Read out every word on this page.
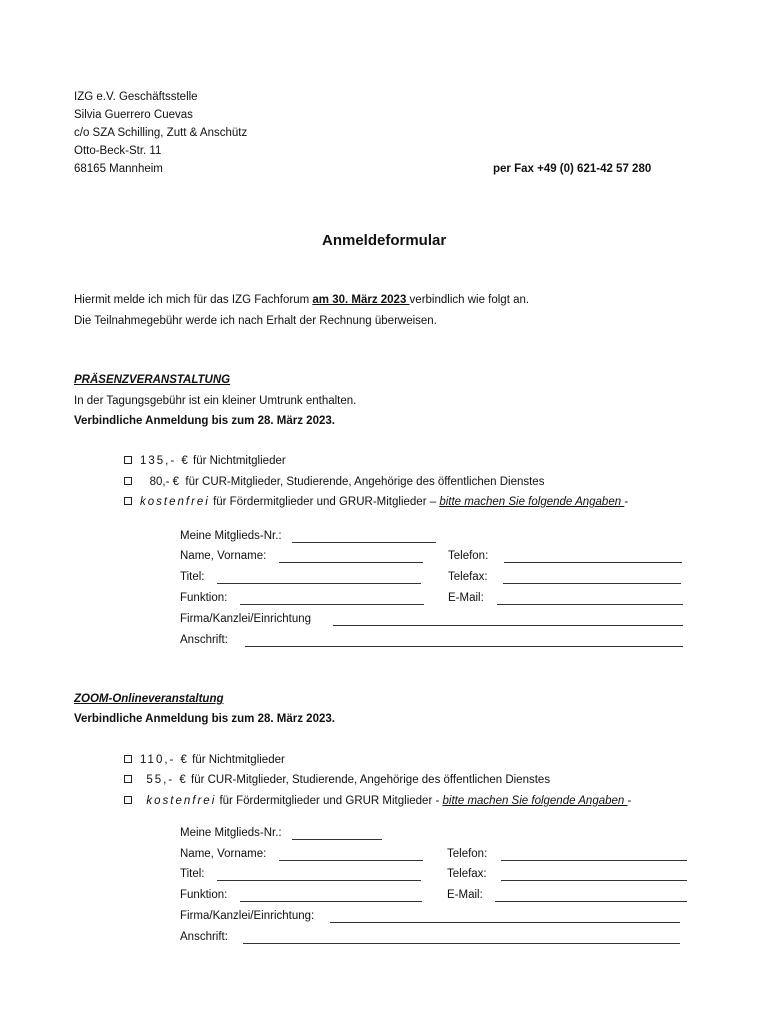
IZG e.V. Geschäftsstelle
Silvia Guerrero Cuevas
c/o SZA Schilling, Zutt & Anschütz
Otto-Beck-Str. 11
68165 Mannheim	per Fax +49 (0) 621-42 57 280
Anmeldeformular
Hiermit melde ich mich für das IZG Fachforum am 30. März 2023 verbindlich wie folgt an.
Die Teilnahmegebühr werde ich nach Erhalt der Rechnung überweisen.
PRÄSENZVERANSTALTUNG
In der Tagungsgebühr ist ein kleiner Umtrunk enthalten.
Verbindliche Anmeldung bis zum 28. März 2023.
135,- € für Nichtmitglieder
80,- € für CUR-Mitglieder, Studierende, Angehörige des öffentlichen Dienstes
kostenfrei für Fördermitglieder und GRUR-Mitglieder – bitte machen Sie folgende Angaben -
Meine Mitglieds-Nr.:
Name, Vorname:	Telefon:
Titel:	Telefax:
Funktion:	E-Mail:
Firma/Kanzlei/Einrichtung
Anschrift:
ZOOM-Onlineveranstaltung
Verbindliche Anmeldung bis zum 28. März 2023.
110,- € für Nichtmitglieder
55,- € für CUR-Mitglieder, Studierende, Angehörige des öffentlichen Dienstes
kostenfrei für Fördermitglieder und GRUR Mitglieder - bitte machen Sie folgende Angaben -
Meine Mitglieds-Nr.:
Name, Vorname:	Telefon:
Titel:	Telefax:
Funktion:	E-Mail:
Firma/Kanzlei/Einrichtung:
Anschrift:
